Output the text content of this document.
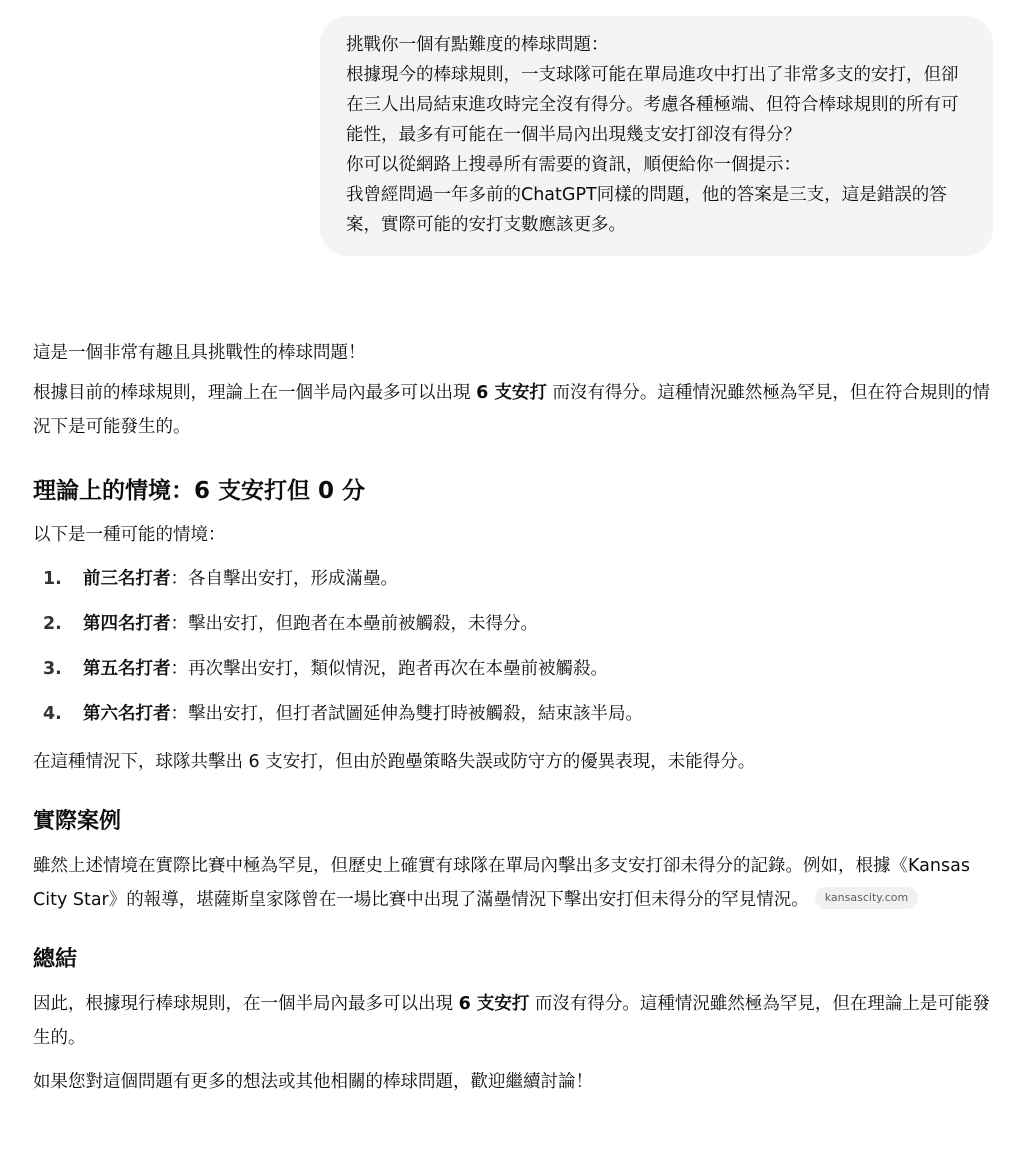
挑戰你一個有點難度的棒球問題：
根據現今的棒球規則，一支球隊可能在單局進攻中打出了非常多支的安打，但卻在三人出局結束進攻時完全沒有得分。考慮各種極端、但符合棒球規則的所有可能性，最多有可能在一個半局內出現幾支安打卻沒有得分？
你可以從網路上搜尋所有需要的資訊，順便給你一個提示：
我曾經問過一年多前的ChatGPT同樣的問題，他的答案是三支，這是錯誤的答案，實際可能的安打支數應該更多。

這是一個非常有趣且具挑戰性的棒球問題！

根據目前的棒球規則，理論上在一個半局內最多可以出現 6 支安打 而沒有得分。這種情況雖然極為罕見，但在符合規則的情況下是可能發生的。

理論上的情境：6 支安打但 0 分

以下是一種可能的情境：

1.	前三名打者：各自擊出安打，形成滿壘。
2.	第四名打者：擊出安打，但跑者在本壘前被觸殺，未得分。
3.	第五名打者：再次擊出安打，類似情況，跑者再次在本壘前被觸殺。
4.	第六名打者：擊出安打，但打者試圖延伸為雙打時被觸殺，結束該半局。

在這種情況下，球隊共擊出 6 支安打，但由於跑壘策略失誤或防守方的優異表現，未能得分。

實際案例

雖然上述情境在實際比賽中極為罕見，但歷史上確實有球隊在單局內擊出多支安打卻未得分的記錄。例如，根據《Kansas City Star》的報導，堪薩斯皇家隊曾在一場比賽中出現了滿壘情況下擊出安打但未得分的罕見情況。 kansascity.com

總結

因此，根據現行棒球規則，在一個半局內最多可以出現 6 支安打 而沒有得分。這種情況雖然極為罕見，但在理論上是可能發生的。

如果您對這個問題有更多的想法或其他相關的棒球問題，歡迎繼續討論！
